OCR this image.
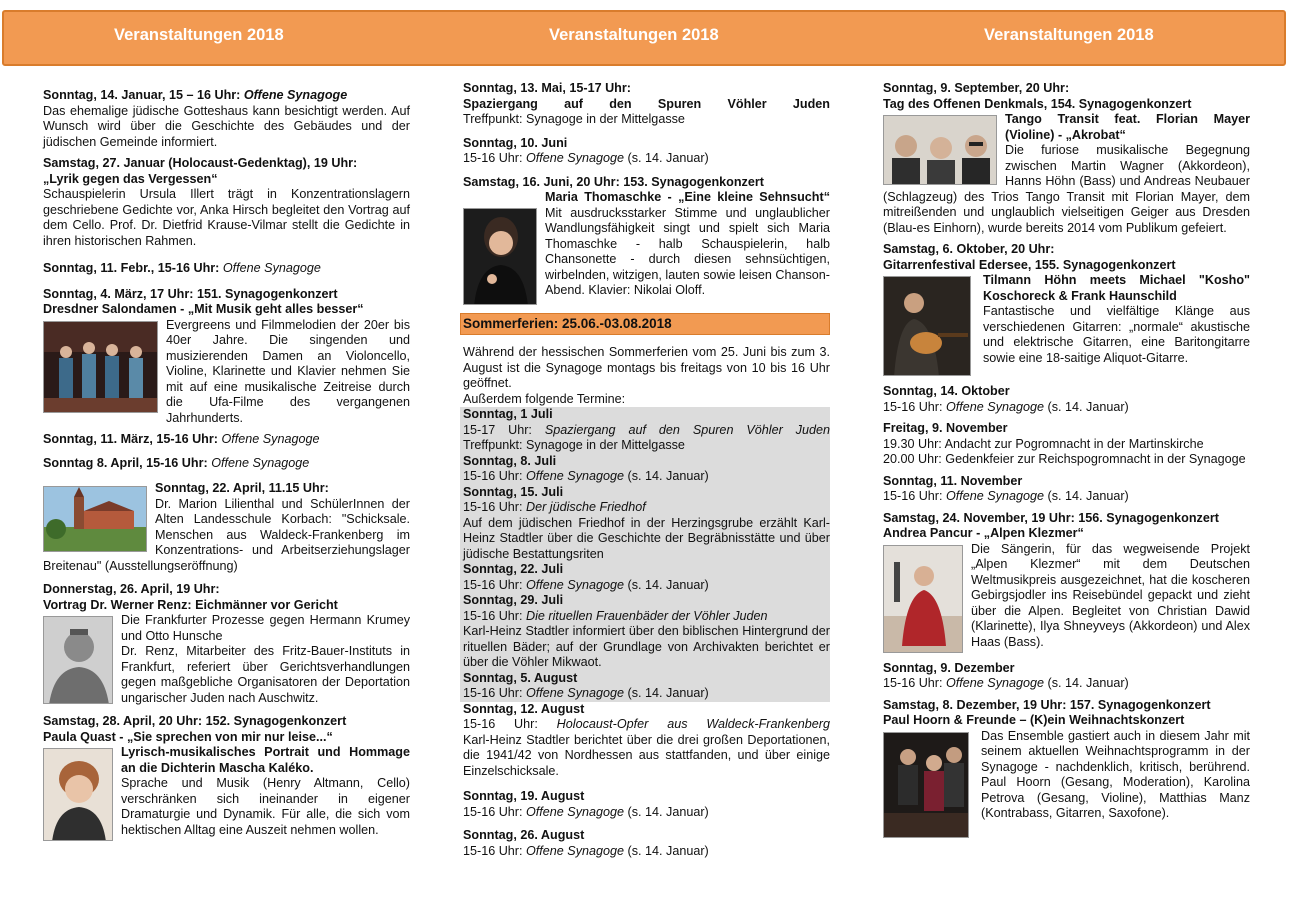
Veranstaltungen 2018	Veranstaltungen 2018	Veranstaltungen 2018
Sonntag, 14. Januar, 15 – 16 Uhr: Offene Synagoge

Das ehemalige jüdische Gotteshaus kann besichtigt werden. Auf Wunsch wird über die Geschichte des Gebäudes und der jüdischen Gemeinde informiert.

Samstag, 27. Januar (Holocaust-Gedenktag), 19 Uhr:
„Lyrik gegen das Vergessen“

Schauspielerin Ursula Illert trägt in Konzentrationslagern geschriebene Gedichte vor, Anka Hirsch begleitet den Vortrag auf dem Cello. Prof. Dr. Dietfrid Krause-Vilmar stellt die Gedichte in ihren historischen Rahmen.

Sonntag, 11. Febr., 15-16 Uhr: Offene Synagoge
Sonntag, 4. März, 17 Uhr: 151. Synagogenkonzert
Dresdner Salondamen - „Mit Musik geht alles besser“

Evergreens und Filmmelodien der 20er bis 40er Jahre. Die singenden und musizierenden Damen an Violoncello, Violine, Klarinette und Klavier nehmen Sie mit auf eine musikalische Zeitreise durch die Ufa-Filme des vergangenen Jahrhunderts.

Sonntag, 11. März, 15-16 Uhr: Offene Synagoge
Sonntag 8. April, 15-16 Uhr: Offene Synagoge
Sonntag, 22. April, 11.15 Uhr:

Dr. Marion Lilienthal und SchülerInnen der Alten Landesschule Korbach: "Schicksale. Menschen aus Waldeck-Frankenberg im Konzentrations- und Arbeitserziehungslager Breitenau" (Ausstellungseröffnung)

Donnerstag, 26. April, 19 Uhr:
Vortrag Dr. Werner Renz: Eichmänner vor Gericht

Die Frankfurter Prozesse gegen Hermann Krumey und Otto Hunsche
Dr. Renz, Mitarbeiter des Fritz-Bauer-Instituts in Frankfurt, referiert über Gerichtsverhandlungen gegen maßgebliche Organisatoren der Deportation ungarischer Juden nach Auschwitz.

Samstag, 28. April, 20 Uhr: 152. Synagogenkonzert
Paula Quast - „Sie sprechen von mir nur leise...“

Lyrisch-musikalisches Portrait und Hommage an die Dichterin Mascha Kaléko.

Sprache und Musik (Henry Altmann, Cello) verschränken sich ineinander in eigener Dramaturgie und Dynamik. Für alle, die sich vom hektischen Alltag eine Auszeit nehmen wollen.

Sonntag, 13. Mai, 15-17 Uhr:
Spaziergang auf den Spuren Vöhler Juden
Treffpunkt: Synagoge in der Mittelgasse
Sonntag, 10. Juni
15-16 Uhr: Offene Synagoge (s. 14. Januar)
Samstag, 16. Juni, 20 Uhr: 153. Synagogenkonzert

Maria Thomaschke - „Eine kleine Sehnsucht“ Mit ausdrucksstarker Stimme und unglaublicher Wandlungsfähigkeit singt und spielt sich Maria Thomaschke - halb Schauspielerin, halb Chansonette - durch diesen sehnsüchtigen, wirbelnden, witzigen, lauten sowie leisen Chanson-Abend. Klavier: Nikolai Oloff.

Sommerferien: 25.06.-03.08.2018

Während der hessischen Sommerferien vom 25. Juni bis zum 3. August ist die Synagoge montags bis freitags von 10 bis 16 Uhr geöffnet.

Außerdem folgende Termine:
Sonntag, 1 Juli
15-17 Uhr: Spaziergang auf den Spuren Vöhler Juden
Treffpunkt: Synagoge in der Mittelgasse
Sonntag, 8. Juli
15-16 Uhr: Offene Synagoge (s. 14. Januar)
Sonntag, 15. Juli
15-16 Uhr: Der jüdische Friedhof

Auf dem jüdischen Friedhof in der Herzingsgrube erzählt Karl-Heinz Stadtler über die Geschichte der Begräbnisstätte und über jüdische Bestattungsriten

Sonntag, 22. Juli
15-16 Uhr: Offene Synagoge (s. 14. Januar)
Sonntag, 29. Juli
15-16 Uhr: Die rituellen Frauenbäder der Vöhler Juden

Karl-Heinz Stadtler informiert über den biblischen Hintergrund der rituellen Bäder; auf der Grundlage von Archivakten berichtet er über die Vöhler Mikwaot.

Sonntag, 5. August
15-16 Uhr: Offene Synagoge (s. 14. Januar)
Sonntag, 12. August
15-16 Uhr: Holocaust-Opfer aus Waldeck-Frankenberg

Karl-Heinz Stadtler berichtet über die drei großen Deportationen, die 1941/42 von Nordhessen aus stattfanden, und über einige Einzelschicksale.

Sonntag, 19. August
15-16 Uhr: Offene Synagoge (s. 14. Januar)
Sonntag, 26. August
15-16 Uhr: Offene Synagoge (s. 14. Januar)
Sonntag, 9. September, 20 Uhr:
Tag des Offenen Denkmals, 154. Synagogenkonzert

Tango Transit feat. Florian Mayer (Violine) - „Akrobat“

Die furiose musikalische Begegnung zwischen Martin Wagner (Akkordeon), Hanns Höhn (Bass) und Andreas Neubauer (Schlagzeug) des Trios Tango Transit mit Florian Mayer, dem mitreißenden und unglaublich vielseitigen Geiger aus Dresden (Blau-es Einhorn), wurde bereits 2014 vom Publikum gefeiert.

Samstag, 6. Oktober, 20 Uhr:
Gitarrenfestival Edersee, 155. Synagogenkonzert

Tilmann Höhn meets Michael "Kosho" Koschoreck & Frank Haunschild

Fantastische und vielfältige Klänge aus verschiedenen Gitarren: „normale“ akustische und elektrische Gitarren, eine Baritongitarre sowie eine 18-saitige Aliquot-Gitarre.

Sonntag, 14. Oktober
15-16 Uhr: Offene Synagoge (s. 14. Januar)
Freitag, 9. November

19.30 Uhr: Andacht zur Pogromnacht in der Martinskirche
20.00 Uhr: Gedenkfeier zur Reichspogromnacht in der Synagoge

Sonntag, 11. November
15-16 Uhr: Offene Synagoge (s. 14. Januar)
Samstag, 24. November, 19 Uhr: 156. Synagogenkonzert
Andrea Pancur - „Alpen Klezmer“

Die Sängerin, für das wegweisende Projekt „Alpen Klezmer“ mit dem Deutschen Weltmusikpreis ausgezeichnet, hat die koscheren Gebirgsjodler ins Reisebündel gepackt und zieht über die Alpen. Begleitet von Christian Dawid (Klarinette), Ilya Shneyveys (Akkordeon) und Alex Haas (Bass).

Sonntag, 9. Dezember
15-16 Uhr: Offene Synagoge (s. 14. Januar)
Samstag, 8. Dezember, 19 Uhr: 157. Synagogenkonzert
Paul Hoorn & Freunde – (K)ein Weihnachtskonzert

Das Ensemble gastiert auch in diesem Jahr mit seinem aktuellen Weihnachtsprogramm in der Synagoge - nachdenklich, kritisch, berührend. Paul Hoorn (Gesang, Moderation), Karolina Petrova (Gesang, Violine), Matthias Manz (Kontrabass, Gitarren, Saxofone).
